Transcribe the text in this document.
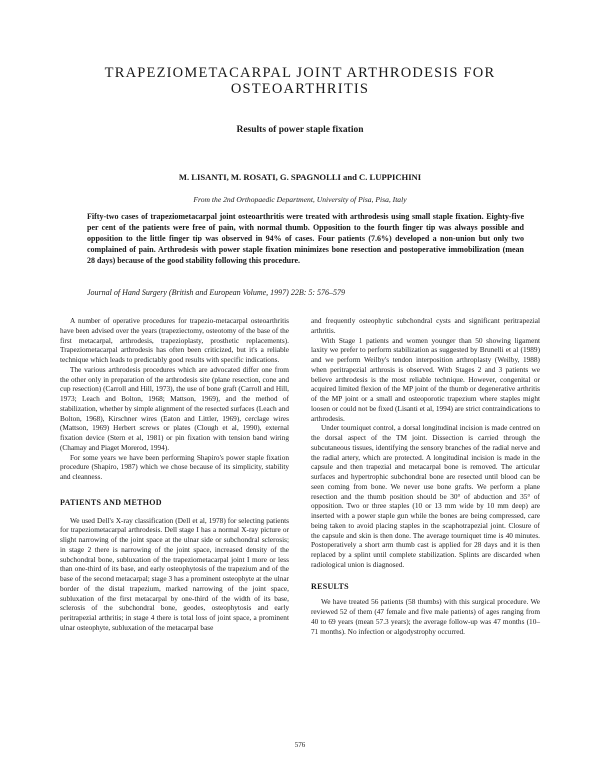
TRAPEZIOMETACARPAL JOINT ARTHRODESIS FOR
OSTEOARTHRITIS
Results of power staple fixation
M. LISANTI, M. ROSATI, G. SPAGNOLLI and C. LUPPICHINI
From the 2nd Orthopaedic Department, University of Pisa, Pisa, Italy
Fifty-two cases of trapeziometacarpal joint osteoarthritis were treated with arthrodesis using small staple fixation. Eighty-five per cent of the patients were free of pain, with normal thumb. Opposition to the fourth finger tip was always possible and opposition to the little finger tip was observed in 94% of cases. Four patients (7.6%) developed a non-union but only two complained of pain. Arthrodesis with power staple fixation minimizes bone resection and postoperative immobilization (mean 28 days) because of the good stability following this procedure.
Journal of Hand Surgery (British and European Volume, 1997) 22B: 5: 576–579

A number of operative procedures for trapezio-metacarpal osteoarthritis have been advised over the years (trapeziectomy, osteotomy of the base of the first metacarpal, arthrodesis, trapezioplasty, prosthetic replacements). Trapeziometacarpal arthrodesis has often been criticized, but it's a reliable technique which leads to predictably good results with specific indications.

The various arthrodesis procedures which are advocated differ one from the other only in preparation of the arthrodesis site (plane resection, cone and cup resection) (Carroll and Hill, 1973), the use of bone graft (Carroll and Hill, 1973; Leach and Bolton, 1968; Mattson, 1969), and the method of stabilization, whether by simple alignment of the resected surfaces (Leach and Bolton, 1968), Kirschner wires (Eaton and Littler, 1969), cerclage wires (Mattson, 1969) Herbert screws or plates (Clough et al, 1990), external fixation device (Stern et al, 1981) or pin fixation with tension band wiring (Chamay and Piaget Morerod, 1994).

For some years we have been performing Shapiro's power staple fixation procedure (Shapiro, 1987) which we chose because of its simplicity, stability and cleanness.

PATIENTS AND METHOD

We used Dell's X-ray classification (Dell et al, 1978) for selecting patients for trapeziometacarpal arthrodesis. Dell stage I has a normal X-ray picture or slight narrowing of the joint space at the ulnar side or subchondral sclerosis; in stage 2 there is narrowing of the joint space, increased density of the subchondral bone, subluxation of the trapeziometacarpal joint I more or less than one-third of its base, and early osteophytosis of the trapezium and of the base of the second metacarpal; stage 3 has a prominent osteophyte at the ulnar border of the distal trapezium, marked narrowing of the joint space, subluxation of the first metacarpal by one-third of the width of its base, sclerosis of the subchondral bone, geodes, osteophytosis and early peritrapezial arthritis; in stage 4 there is total loss of joint space, a prominent ulnar osteophyte, subluxation of the metacarpal base

and frequently osteophytic subchondral cysts and significant peritrapezial arthritis.

With Stage 1 patients and women younger than 50 showing ligament laxity we prefer to perform stabilization as suggested by Brunelli et al (1989) and we perform Weilby's tendon interposition arthroplasty (Weilby, 1988) when peritrapezial arthrosis is observed. With Stages 2 and 3 patients we believe arthrodesis is the most reliable technique. However, congenital or acquired limited flexion of the MP joint of the thumb or degenerative arthritis of the MP joint or a small and osteoporotic trapezium where staples might loosen or could not be fixed (Lisanti et al, 1994) are strict contraindications to arthrodesis.

Under tourniquet control, a dorsal longitudinal incision is made centred on the dorsal aspect of the TM joint. Dissection is carried through the subcutaneous tissues, identifying the sensory branches of the radial nerve and the radial artery, which are protected. A longitudinal incision is made in the capsule and then trapezial and metacarpal bone is removed. The articular surfaces and hypertrophic subchondral bone are resected until blood can be seen coming from bone. We never use bone grafts. We perform a plane resection and the thumb position should be 30° of abduction and 35° of opposition. Two or three staples (10 or 13 mm wide by 10 mm deep) are inserted with a power staple gun while the bones are being compressed, care being taken to avoid placing staples in the scaphotrapezial joint. Closure of the capsule and skin is then done. The average tourniquet time is 40 minutes. Postoperatively a short arm thumb cast is applied for 28 days and it is then replaced by a splint until complete stabilization. Splints are discarded when radiological union is diagnosed.

RESULTS

We have treated 56 patients (58 thumbs) with this surgical procedure. We reviewed 52 of them (47 female and five male patients) of ages ranging from 40 to 69 years (mean 57.3 years); the average follow-up was 47 months (10–71 months). No infection or algodystrophy occurred.

576
